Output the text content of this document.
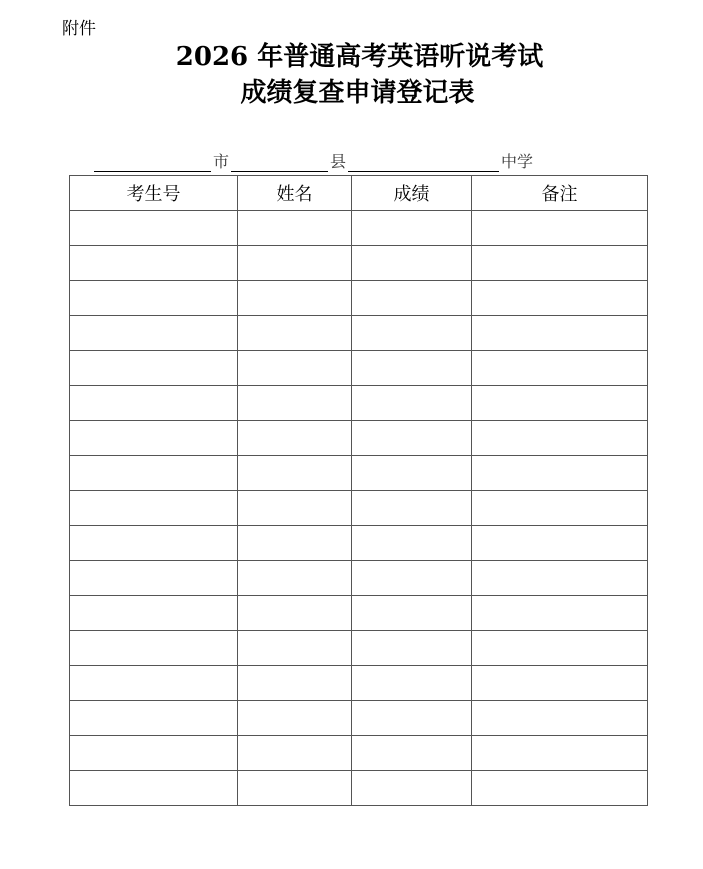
附件
2026 年普通高考英语听说考试
成绩复查申请登记表
市	县	中学
考生号	姓名	成绩	备注
